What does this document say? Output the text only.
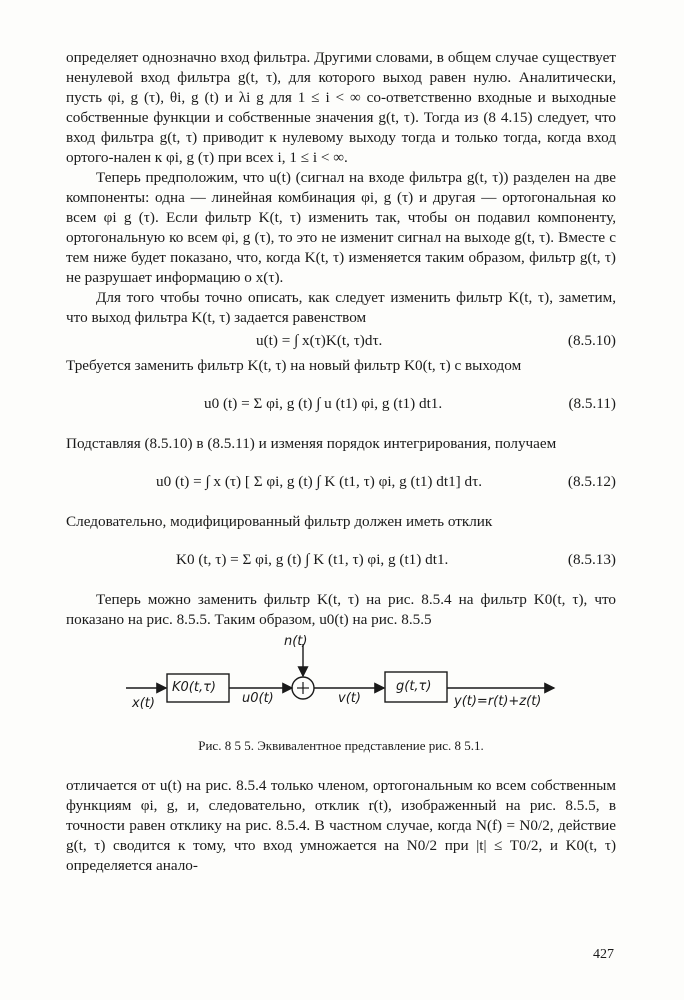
определяет однозначно вход фильтра. Другими словами, в общем случае существует ненулевой вход фильтра g(t, τ), для которого выход равен нулю. Аналитически, пусть φi, g (τ), θi, g (t) и λi g для 1 ≤ i < ∞ со-ответственно входные и выходные собственные функции и собственные значения g(t, τ). Тогда из (8 4.15) следует, что вход фильтра g(t, τ) приводит к нулевому выходу тогда и только тогда, когда вход ортого-нален к φi, g (τ) при всех i, 1 ≤ i < ∞.

Теперь предположим, что u(t) (сигнал на входе фильтра g(t, τ)) разделен на две компоненты: одна — линейная комбинация φi, g (τ) и другая — ортогональная ко всем φi g (τ). Если фильтр K(t, τ) изменить так, чтобы он подавил компоненту, ортогональную ко всем φi, g (τ), то это не изменит сигнал на выходе g(t, τ). Вместе с тем ниже будет показано, что, когда K(t, τ) изменяется таким образом, фильтр g(t, τ) не разрушает информацию о x(τ).

Для того чтобы точно описать, как следует изменить фильтр K(t, τ), заметим, что выход фильтра K(t, τ) задается равенством

u(t) = ∫ x(τ)K(t, τ)dτ.	(8.5.10)

Требуется заменить фильтр K(t, τ) на новый фильтр K0(t, τ) с выходом

u0 (t) = Σ φi, g (t) ∫ u (t1) φi, g (t1) dt1.	(8.5.11)

Подставляя (8.5.10) в (8.5.11) и изменяя порядок интегрирования, получаем

u0 (t) = ∫ x (τ) [ Σ φi, g (t) ∫ K (t1, τ) φi, g (t1) dt1] dτ.	(8.5.12)

Следовательно, модифицированный фильтр должен иметь отклик

K0 (t, τ) = Σ φi, g (t) ∫ K (t1, τ) φi, g (t1) dt1.	(8.5.13)

Теперь можно заменить фильтр K(t, τ) на рис. 8.5.4 на фильтр K0(t, τ), что показано на рис. 8.5.5. Таким образом, u0(t) на рис. 8.5.5

x(t)
K0(t,τ)
u0(t)
n(t)
v(t)
g(t,τ)
y(t)=r(t)+z(t)
Рис. 8 5 5. Эквивалентное представление рис. 8 5.1.

отличается от u(t) на рис. 8.5.4 только членом, ортогональным ко всем собственным функциям φi, g, и, следовательно, отклик r(t), изображенный на рис. 8.5.5, в точности равен отклику на рис. 8.5.4. В частном случае, когда N(f) = N0/2, действие g(t, τ) сводится к тому, что вход умножается на N0/2 при |t| ≤ T0/2, и K0(t, τ) определяется анало-

427
